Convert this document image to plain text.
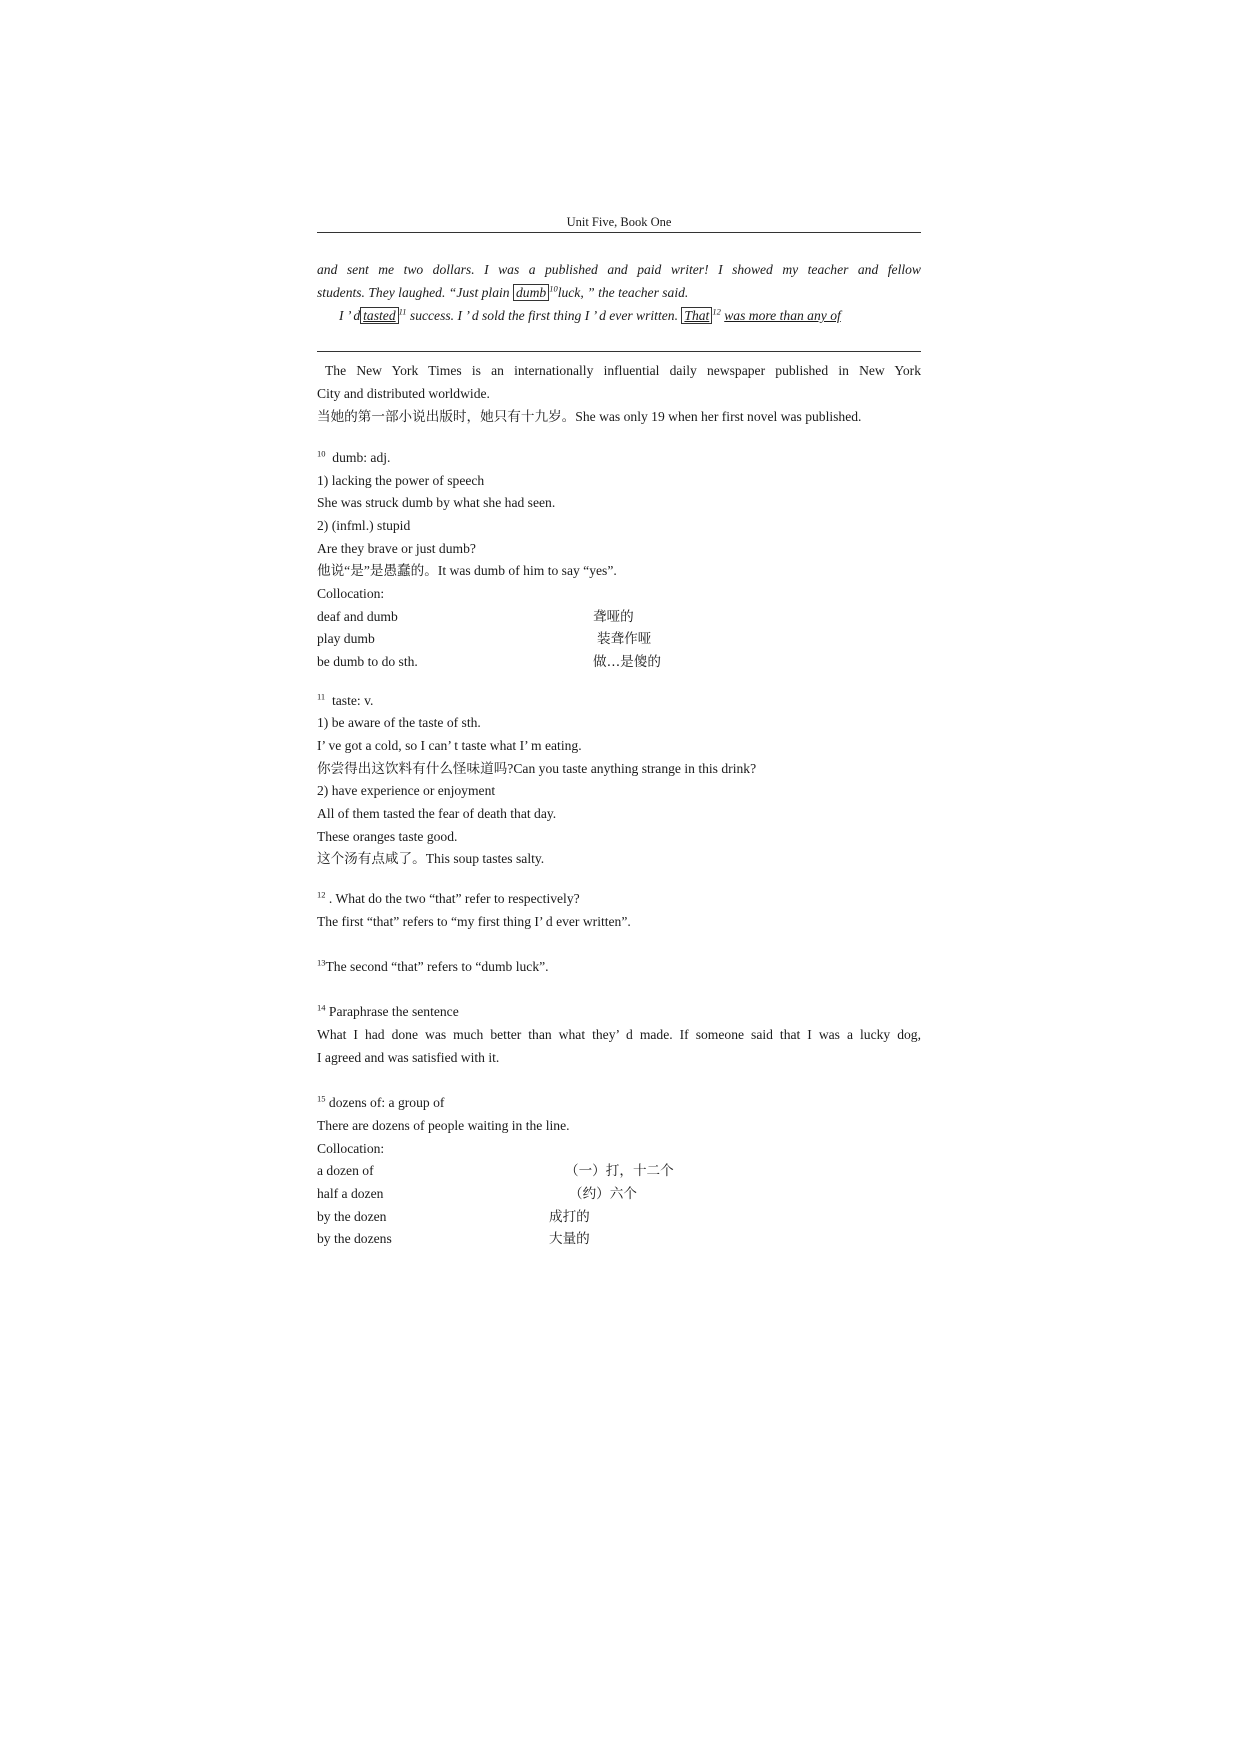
Unit Five, Book One
and sent me two dollars. I was a published and paid writer! I showed my teacher and fellow
students. They laughed. “Just plain dumb $^{10}$luck, ” the teacher said.
I ’ d tasted $^{11}$ success. I ’ d sold the first thing I ’ d ever written. That $^{12}$ was more than any of
The New York Times is an internationally influential daily newspaper published in New York
City and distributed worldwide.
当她的第一部小说出版时，她只有十九岁。She was only 19 when her first novel was published.
$^{10}$ dumb: adj.
1) lacking the power of speech
She was struck dumb by what she had seen.
2) (infml.) stupid
Are they brave or just dumb?
他说“是”是愚蠢的。It was dumb of him to say “yes”.
Collocation:
deaf and dumb	聋哑的
play dumb	装聋作哑
be dumb to do sth.	做…是傻的
$^{11}$ taste: v.
1) be aware of the taste of sth.
I’ ve got a cold, so I can’ t taste what I’ m eating.
你尝得出这饮料有什么怪味道吗?Can you taste anything strange in this drink?
2) have experience or enjoyment
All of them tasted the fear of death that day.
These oranges taste good.
这个汤有点咸了。This soup tastes salty.
$^{12}$ . What do the two “that” refer to respectively?
The first “that” refers to “my first thing I’ d ever written”.
$^{13}$The second “that” refers to “dumb luck”.
$^{14}$ Paraphrase the sentence
What I had done was much better than what they’ d made. If someone said that I was a lucky dog,
I agreed and was satisfied with it.
$^{15}$ dozens of: a group of
There are dozens of people waiting in the line.
Collocation:
a dozen of	（一）打，十二个
half a dozen	（约）六个
by the dozen	成打的
by the dozens	大量的
